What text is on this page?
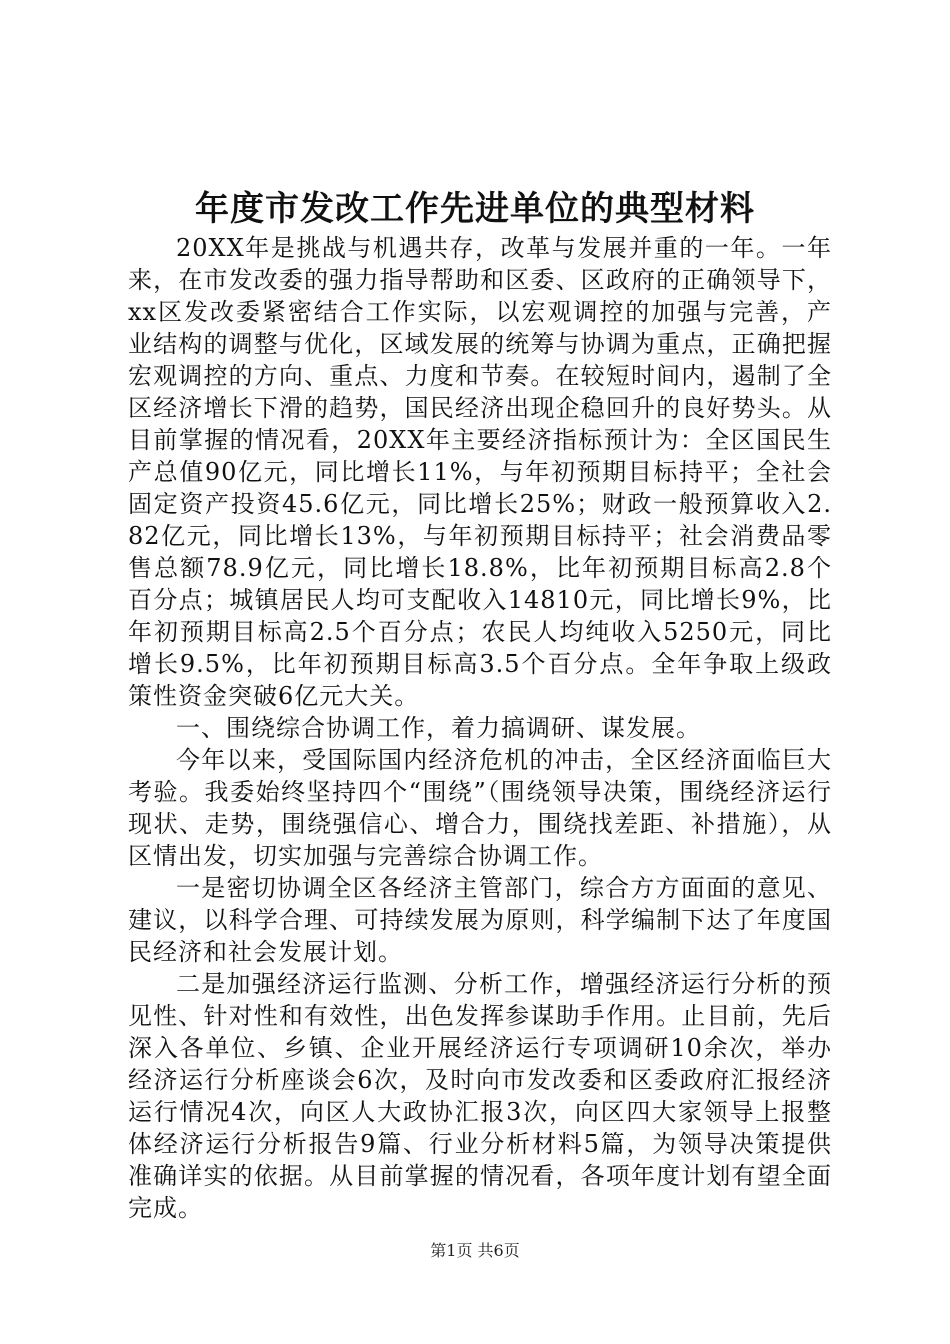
年度市发改工作先进单位的典型材料

20XX年是挑战与机遇共存，改革与发展并重的一年。一年来，在市发改委的强力指导帮助和区委、区政府的正确领导下，xx区发改委紧密结合工作实际，以宏观调控的加强与完善，产业结构的调整与优化，区域发展的统筹与协调为重点，正确把握宏观调控的方向、重点、力度和节奏。在较短时间内，遏制了全区经济增长下滑的趋势，国民经济出现企稳回升的良好势头。从目前掌握的情况看，20XX年主要经济指标预计为：全区国民生产总值90亿元，同比增长11%，与年初预期目标持平；全社会固定资产投资45.6亿元，同比增长25%；财政一般预算收入2.82亿元，同比增长13%，与年初预期目标持平；社会消费品零售总额78.9亿元，同比增长18.8%，比年初预期目标高2.8个百分点；城镇居民人均可支配收入14810元，同比增长9%，比年初预期目标高2.5个百分点；农民人均纯收入5250元，同比增长9.5%，比年初预期目标高3.5个百分点。全年争取上级政策性资金突破6亿元大关。

一、围绕综合协调工作，着力搞调研、谋发展。

今年以来，受国际国内经济危机的冲击，全区经济面临巨大考验。我委始终坚持四个“围绕”（围绕领导决策，围绕经济运行现状、走势，围绕强信心、增合力，围绕找差距、补措施），从区情出发，切实加强与完善综合协调工作。

一是密切协调全区各经济主管部门，综合方方面面的意见、建议，以科学合理、可持续发展为原则，科学编制下达了年度国民经济和社会发展计划。

二是加强经济运行监测、分析工作，增强经济运行分析的预见性、针对性和有效性，出色发挥参谋助手作用。止目前，先后深入各单位、乡镇、企业开展经济运行专项调研10余次，举办经济运行分析座谈会6次，及时向市发改委和区委政府汇报经济运行情况4次，向区人大政协汇报3次，向区四大家领导上报整体经济运行分析报告9篇、行业分析材料5篇，为领导决策提供准确详实的依据。从目前掌握的情况看，各项年度计划有望全面完成。

第1页 共6页
